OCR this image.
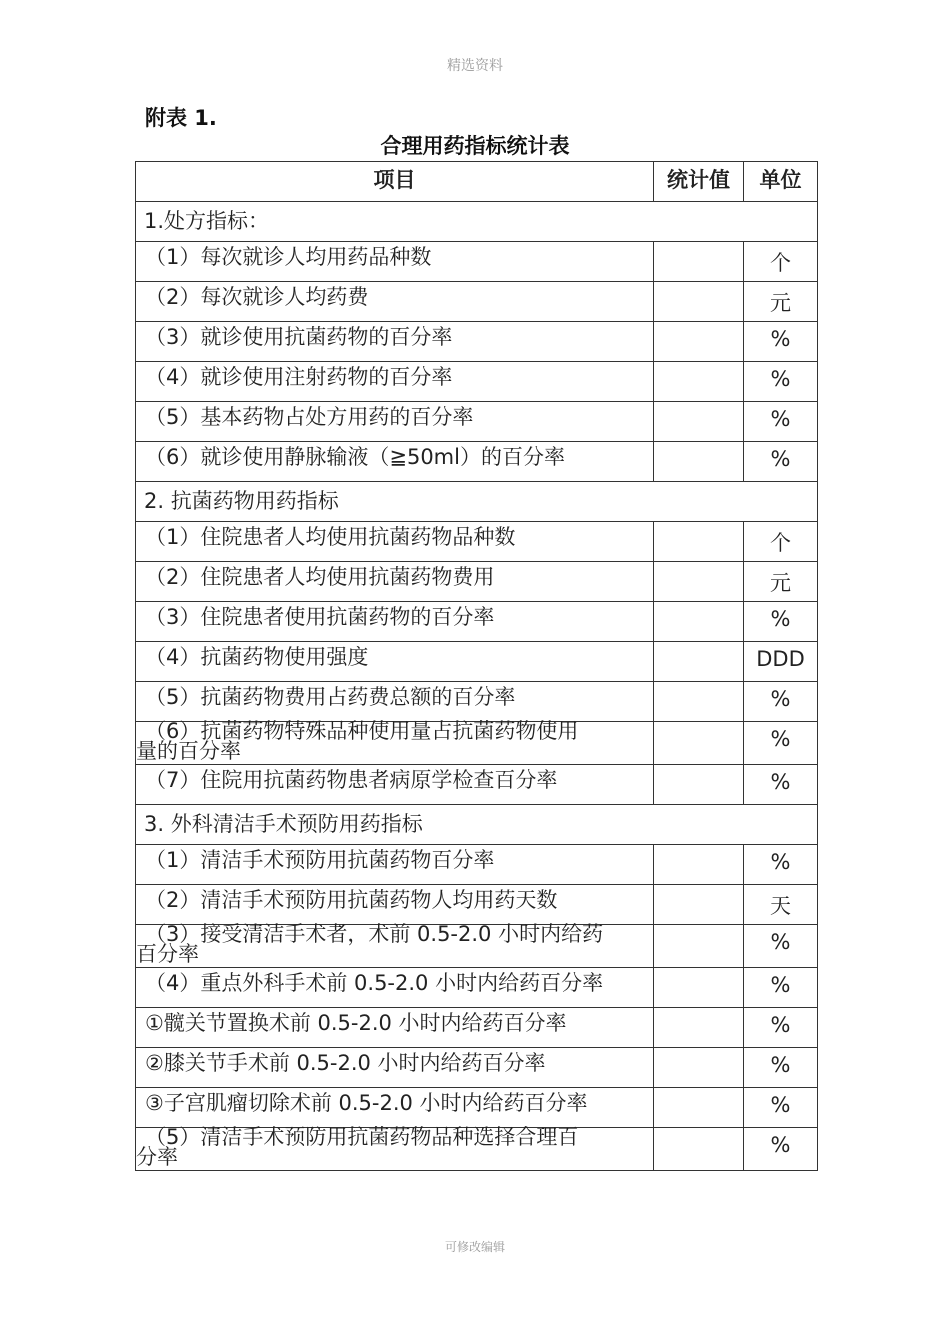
精选资料
附表 1.
合理用药指标统计表
项目	统计值	单位
1.处方指标：		
（1）每次就诊人均用药品种数		个
（2）每次就诊人均药费		元
（3）就诊使用抗菌药物的百分率		%
（4）就诊使用注射药物的百分率		%
（5）基本药物占处方用药的百分率		%
（6）就诊使用静脉输液（≧50ml）的百分率		%
2. 抗菌药物用药指标		
（1）住院患者人均使用抗菌药物品种数		个
（2）住院患者人均使用抗菌药物费用		元
（3）住院患者使用抗菌药物的百分率		%
（4）抗菌药物使用强度		DDD
（5）抗菌药物费用占药费总额的百分率		%

（6）抗菌药物特殊品种使用量占抗菌药物使用
量的百分率		%
（7）住院用抗菌药物患者病原学检查百分率		%
3. 外科清洁手术预防用药指标		
（1）清洁手术预防用抗菌药物百分率		%
（2）清洁手术预防用抗菌药物人均用药天数		天

（3）接受清洁手术者，术前 0.5-2.0 小时内给药
百分率		%
（4）重点外科手术前 0.5-2.0 小时内给药百分率		%
①髋关节置换术前 0.5-2.0 小时内给药百分率		%
②膝关节手术前 0.5-2.0 小时内给药百分率		%
③子宫肌瘤切除术前 0.5-2.0 小时内给药百分率		%

（5）清洁手术预防用抗菌药物品种选择合理百
分率		%
可修改编辑
